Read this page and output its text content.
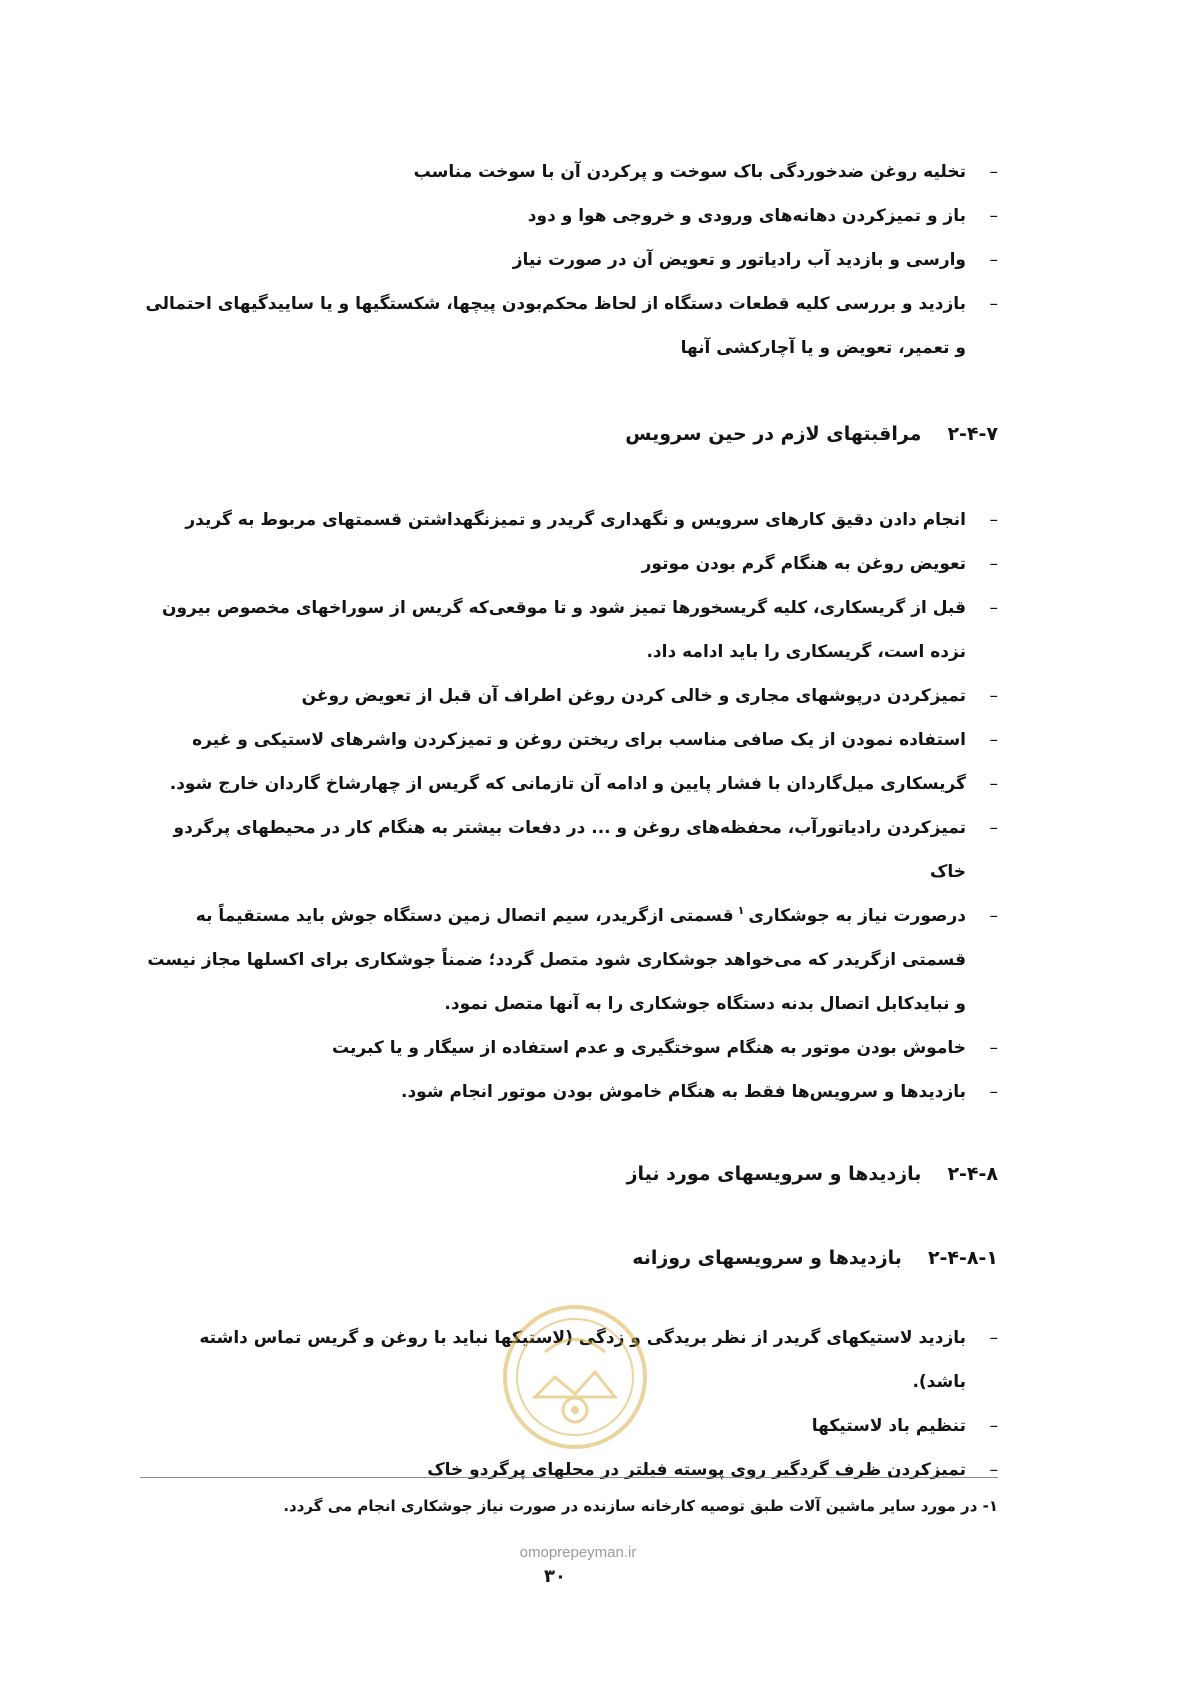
–
تخلیه روغن ضدخوردگی باک سوخت و پرکردن آن با سوخت مناسب
–
باز و تمیزکردن دهانه‌های ورودی و خروجی هوا و دود
–
وارسی و بازدید آب رادیاتور و تعویض آن در صورت نیاز
–
بازدید و بررسی کلیه قطعات دستگاه از لحاظ محکم‌بودن پیچها، شکستگیها و یا ساییدگیهای احتمالی و تعمیر، تعویض و یا آچارکشی آنها
۲-۴-۷مراقبتهای لازم در حین سرویس
–
انجام دادن دقیق کارهای سرویس و نگهداری گریدر و تمیزنگهداشتن قسمتهای مربوط به گریدر
–
تعویض روغن به هنگام گرم بودن موتور
–
قبل از گریسکاری، کلیه گریسخورها تمیز شود و تا موقعی‌که گریس از سوراخهای مخصوص بیرون نزده است، گریسکاری را باید ادامه داد.
–
تمیزکردن درپوشهای مجاری و خالی کردن روغن اطراف آن قبل از تعویض روغن
–
استفاده نمودن از یک صافی مناسب برای ریختن روغن و تمیزکردن واشرهای لاستیکی و غیره
–
گریسکاری میل‌گاردان با فشار پایین و ادامه آن تازمانی که گریس از چهارشاخ گاردان خارج شود.
–
تمیزکردن رادیاتورآب، محفظه‌های روغن و ... در دفعات بیشتر به هنگام کار در محیطهای پرگردو خاک
–
درصورت نیاز به جوشکاری$^۱$قسمتی ازگریدر، سیم اتصال زمین دستگاه جوش باید مستقیماً به قسمتی ازگریدر که می‌خواهد جوشکاری شود متصل گردد؛ ضمناً جوشکاری برای اکسلها مجاز نیست و نبایدکابل اتصال بدنه دستگاه جوشکاری را به آنها متصل نمود.
–
خاموش بودن موتور به هنگام سوختگیری و عدم استفاده از سیگار و یا کبریت
–
بازدیدها و سرویس‌ها فقط به هنگام خاموش بودن موتور انجام شود.
۲-۴-۸بازدیدها و سرویسهای مورد نیاز
۲-۴-۸-۱بازدیدها و سرویسهای روزانه
–
بازدید لاستیکهای گریدر از نظر بریدگی و زدگی (لاستیکها نباید با روغن و گریس تماس داشته باشد).
–
تنظیم باد لاستیکها
–
تمیزکردن ظرف گردگیر روی پوسته فیلتر در محلهای پرگردو خاک
۱- در مورد سایر ماشین آلات طبق توصیه کارخانه سازنده در صورت نیاز جوشکاری انجام می گردد.
omoprepeyman.ir
۳۰
